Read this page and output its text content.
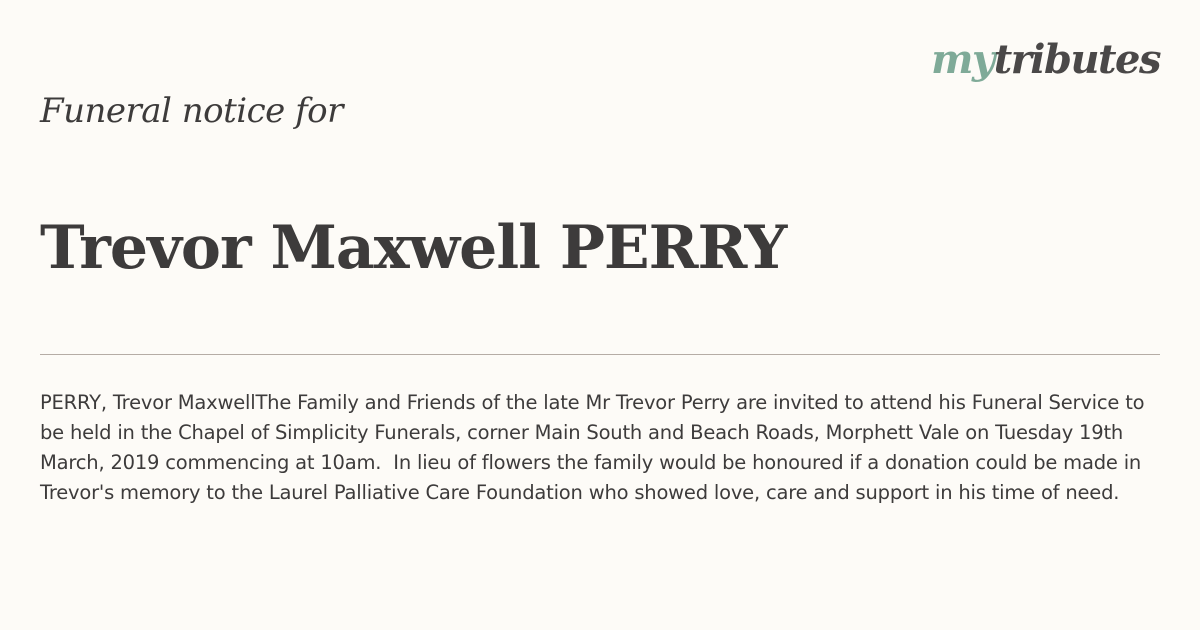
mytributes
Funeral notice for
Trevor Maxwell PERRY
PERRY, Trevor MaxwellThe Family and Friends of the late Mr Trevor Perry are invited to attend his Funeral Service to be held in the Chapel of Simplicity Funerals, corner Main South and Beach Roads, Morphett Vale on Tuesday 19th March, 2019 commencing at 10am.  In lieu of flowers the family would be honoured if a donation could be made in Trevor's memory to the Laurel Palliative Care Foundation who showed love, care and support in his time of need.
